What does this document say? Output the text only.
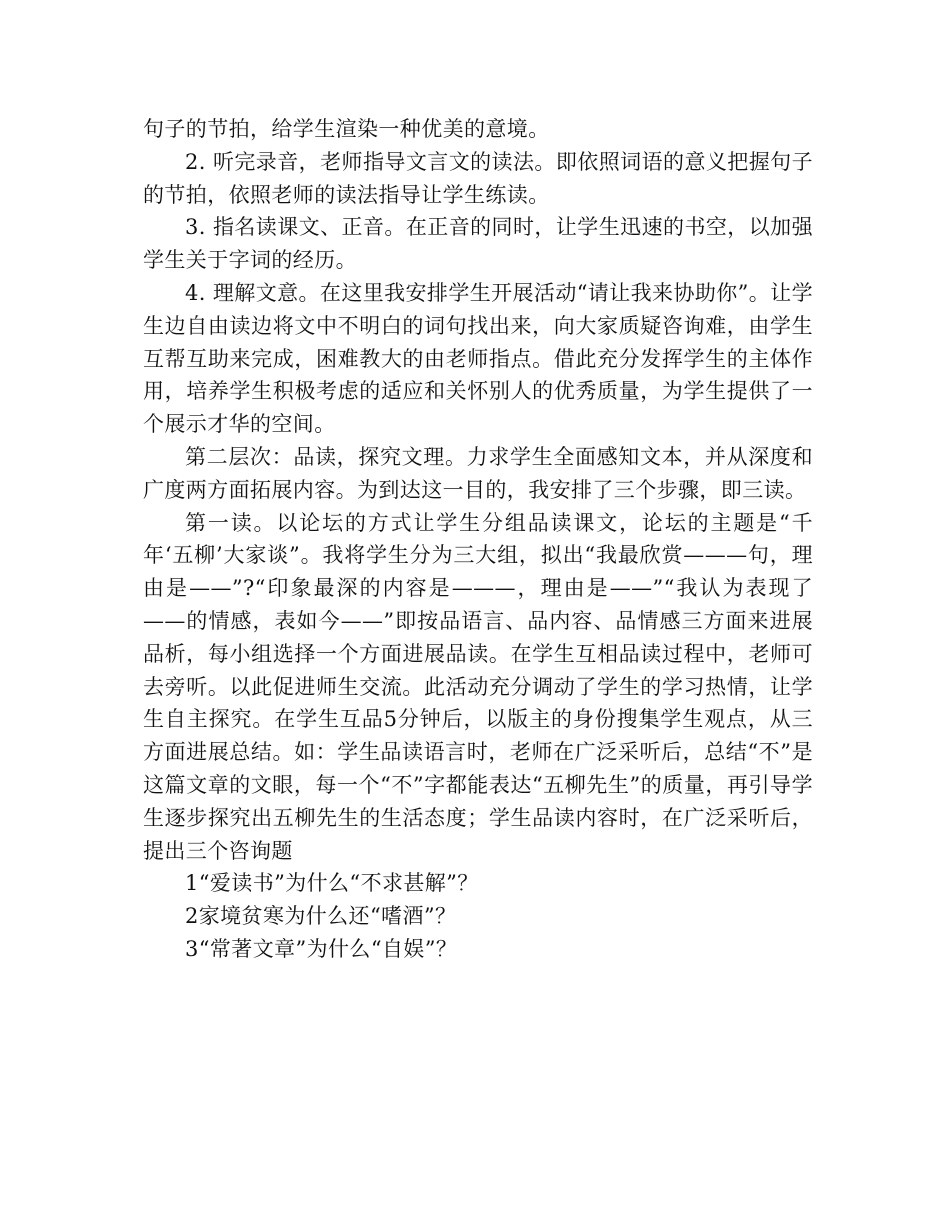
句子的节拍，给学生渲染一种优美的意境。

2. 听完录音，老师指导文言文的读法。即依照词语的意义把握句子的节拍，依照老师的读法指导让学生练读。

3. 指名读课文、正音。在正音的同时，让学生迅速的书空，以加强学生关于字词的经历。

4. 理解文意。在这里我安排学生开展活动“请让我来协助你”。让学生边自由读边将文中不明白的词句找出来，向大家质疑咨询难，由学生互帮互助来完成，困难教大的由老师指点。借此充分发挥学生的主体作用，培养学生积极考虑的适应和关怀别人的优秀质量，为学生提供了一个展示才华的空间。

第二层次：品读，探究文理。力求学生全面感知文本，并从深度和广度两方面拓展内容。为到达这一目的，我安排了三个步骤，即三读。

第一读。以论坛的方式让学生分组品读课文，论坛的主题是“千年‘五柳’大家谈”。我将学生分为三大组，拟出“我最欣赏———句，理由是——”?“印象最深的内容是———，理由是——”“我认为表现了——的情感，表如今——”即按品语言、品内容、品情感三方面来进展品析，每小组选择一个方面进展品读。在学生互相品读过程中，老师可去旁听。以此促进师生交流。此活动充分调动了学生的学习热情，让学生自主探究。在学生互品5分钟后，以版主的身份搜集学生观点，从三方面进展总结。如：学生品读语言时，老师在广泛采听后，总结“不”是这篇文章的文眼，每一个“不”字都能表达“五柳先生”的质量，再引导学生逐步探究出五柳先生的生活态度；学生品读内容时，在广泛采听后，提出三个咨询题

1“爱读书”为什么“不求甚解”？

2家境贫寒为什么还“嗜酒”？

3“常著文章”为什么“自娱”？
